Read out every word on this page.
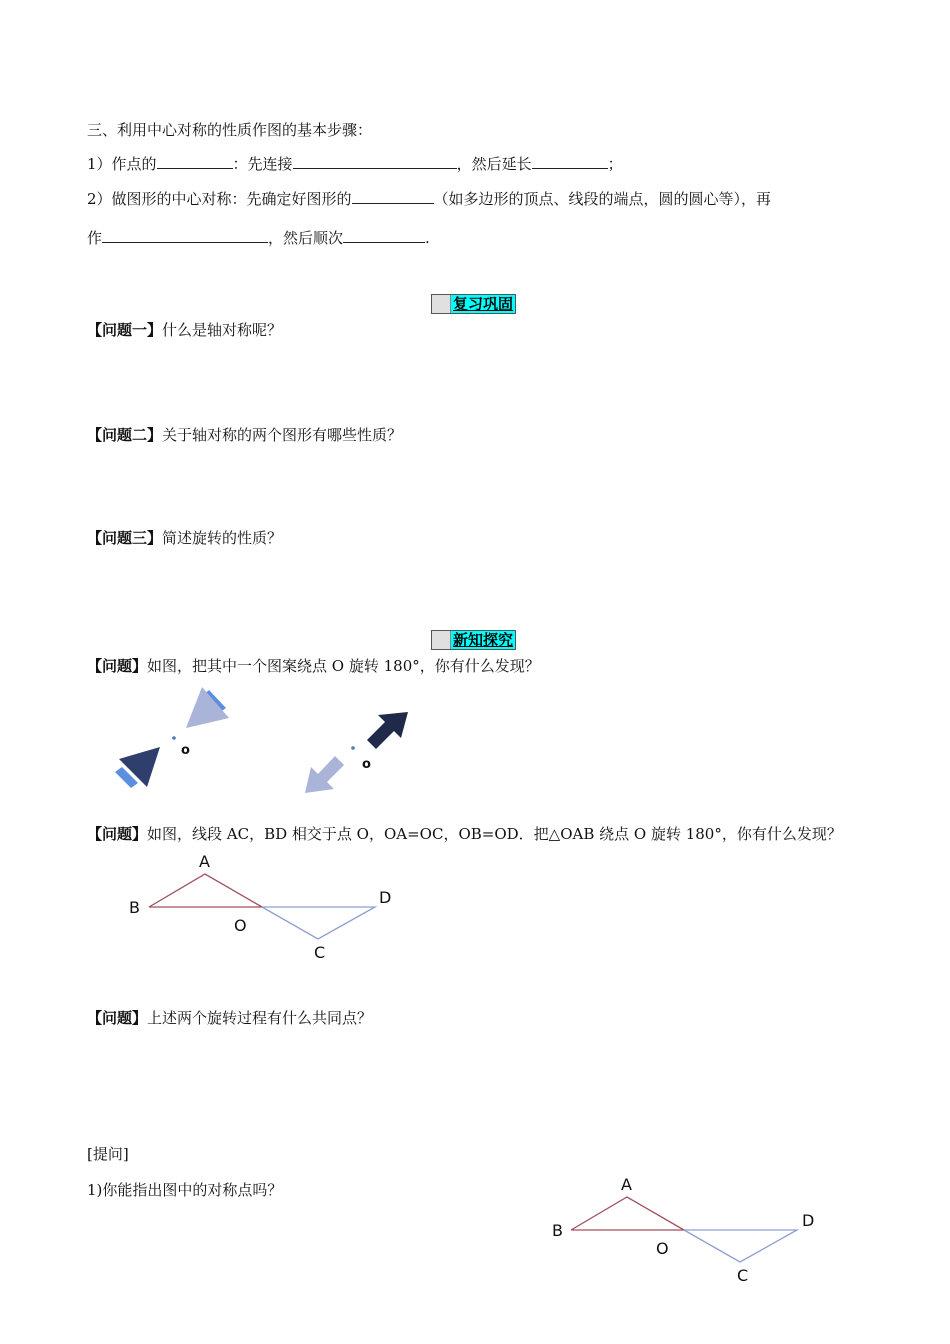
三、利用中心对称的性质作图的基本步骤：
1）作点的	：先连接	，然后延长	；
2）做图形的中心对称：先确定好图形的	（如多边形的顶点、线段的端点，圆的圆心等），再
作	，然后顺次	.
复习巩固
【问题一】什么是轴对称呢？
【问题二】关于轴对称的两个图形有哪些性质？
【问题三】简述旋转的性质？
新知探究
【问题】如图，把其中一个图案绕点 O 旋转 180°，你有什么发现？
o
o
【问题】如图，线段 AC，BD 相交于点 O，OA=OC，OB=OD．把△OAB 绕点 O 旋转 180°，你有什么发现？
A
B
D
O
C
【问题】上述两个旋转过程有什么共同点？
[提问]
1)你能指出图中的对称点吗？	A
B
D
O
C
